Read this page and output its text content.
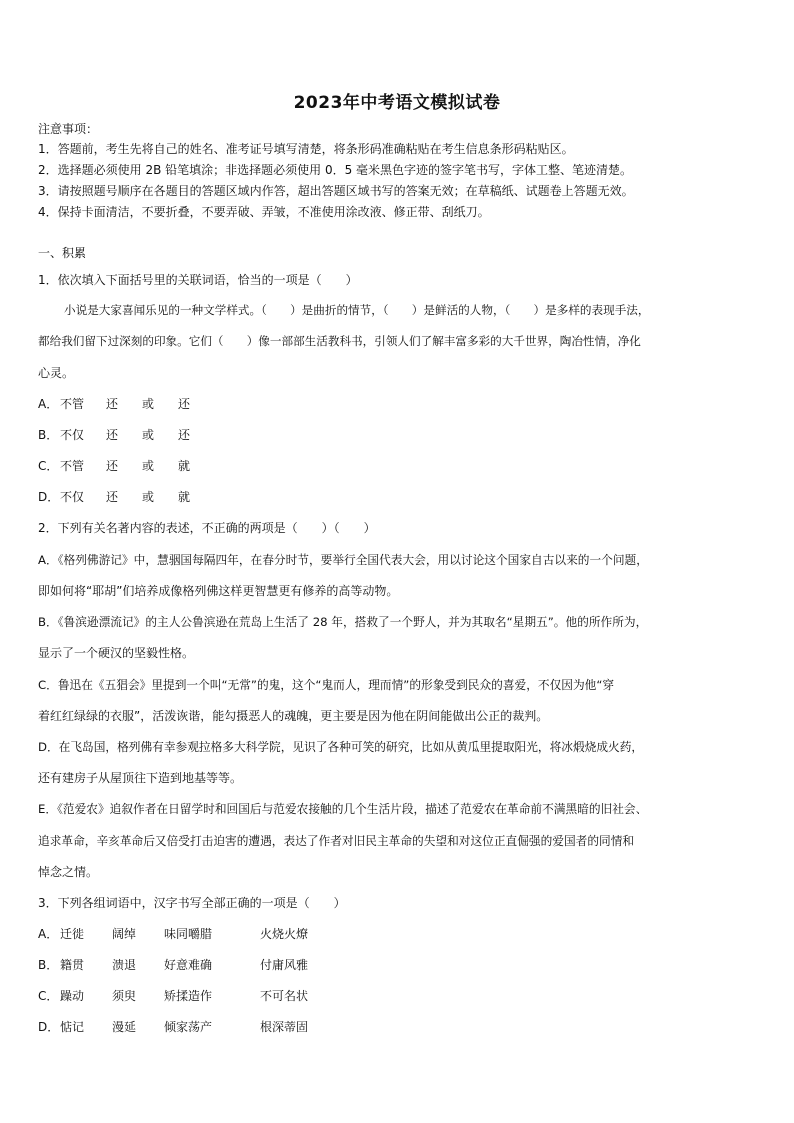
2023年中考语文模拟试卷
注意事项：
1．答题前，考生先将自己的姓名、准考证号填写清楚，将条形码准确粘贴在考生信息条形码粘贴区。
2．选择题必须使用 2B 铅笔填涂；非选择题必须使用 0．5 毫米黑色字迹的签字笔书写，字体工整、笔迹清楚。
3．请按照题号顺序在各题目的答题区域内作答，超出答题区域书写的答案无效；在草稿纸、试题卷上答题无效。
4．保持卡面清洁，不要折叠，不要弄破、弄皱，不准使用涂改液、修正带、刮纸刀。
一、积累
1．依次填入下面括号里的关联词语，恰当的一项是（　　）
小说是大家喜闻乐见的一种文学样式。（　　）是曲折的情节，（　　）是鲜活的人物，（　　）是多样的表现手法，
都给我们留下过深刻的印象。它们（　　）像一部部生活教科书，引领人们了解丰富多彩的大千世界，陶冶性情，净化
心灵。
A． 不管 还 或 还
B． 不仅 还 或 还
C． 不管 还 或 就
D．不仅 还 或 就
2．下列有关名著内容的表述，不正确的两项是（　　）（　　）
A．《格列佛游记》中，慧骃国每隔四年，在春分时节，要举行全国代表大会，用以讨论这个国家自古以来的一个问题，
即如何将“耶胡”们培养成像格列佛这样更智慧更有修养的高等动物。
B．《鲁滨逊漂流记》的主人公鲁滨逊在荒岛上生活了 28 年，搭救了一个野人，并为其取名“星期五”。他的所作所为，
显示了一个硬汉的坚毅性格。
C．鲁迅在《五猖会》里提到一个叫“无常”的鬼，这个“鬼而人，理而情”的形象受到民众的喜爱，不仅因为他“穿
着红红绿绿的衣服”，活泼诙谐，能勾摄恶人的魂魄，更主要是因为他在阴间能做出公正的裁判。
D．在飞岛国，格列佛有幸参观拉格多大科学院，见识了各种可笑的研究，比如从黄瓜里提取阳光，将冰煅烧成火药，
还有建房子从屋顶往下造到地基等等。
E．《范爱农》追叙作者在日留学时和回国后与范爱农接触的几个生活片段，描述了范爱农在革命前不满黑暗的旧社会、
追求革命，辛亥革命后又倍受打击迫害的遭遇，表达了作者对旧民主革命的失望和对这位正直倔强的爱国者的同情和
悼念之情。
3．下列各组词语中，汉字书写全部正确的一项是（　　）
A． 迁徙 阔绰 味同嚼腊	火烧火燎
B． 籍贯 溃退 好意难确	付庸风雅
C． 躁动 须臾 矫揉造作	不可名状
D．惦记 漫延 倾家荡产	根深蒂固
